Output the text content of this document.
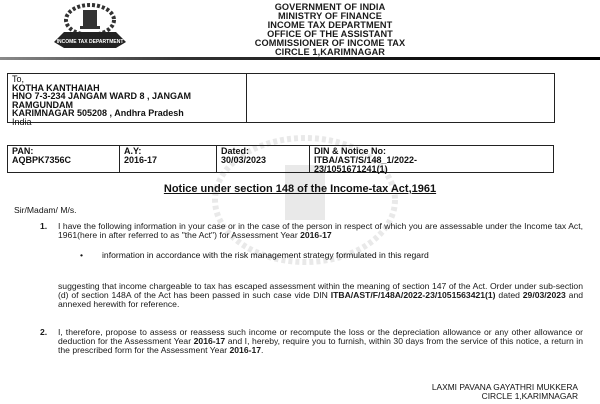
INCOME TAX DEPARTMENT
GOVERNMENT OF INDIA
MINISTRY OF FINANCE
INCOME TAX DEPARTMENT
OFFICE OF THE ASSISTANT
COMMISSIONER OF INCOME TAX
CIRCLE 1,KARIMNAGAR
To,
KOTHA KANTHAIAH
HNO 7-3-234 JANGAM WARD 8 , JANGAM
RAMGUNDAM
KARIMNAGAR 505208 , Andhra Pradesh
India
PAN:
AQBPK7356C
A.Y:
2016-17
Dated:
30/03/2023
DIN & Notice No:
ITBA/AST/S/148_1/2022-
23/1051671241(1)
Notice under section 148 of the Income-tax Act,1961
Sir/Madam/ M/s.
1. I have the following information in your case or in the case of the person in respect of which you are assessable under the Income tax Act, 1961(here in after referred to as "the Act") for Assessment Year 2016-17
• information in accordance with the risk management strategy formulated in this regard
suggesting that income chargeable to tax has escaped assessment within the meaning of section 147 of the Act. Order under sub-section (d) of section 148A of the Act has been passed in such case vide DIN ITBA/AST/F/148A/2022-23/1051563421(1) dated 29/03/2023 and annexed herewith for reference.
2. I, therefore, propose to assess or reassess such income or recompute the loss or the depreciation allowance or any other allowance or deduction for the Assessment Year 2016-17 and I, hereby, require you to furnish, within 30 days from the service of this notice, a return in the prescribed form for the Assessment Year 2016-17.
LAXMI PAVANA GAYATHRI MUKKERA
CIRCLE 1,KARIMNAGAR
